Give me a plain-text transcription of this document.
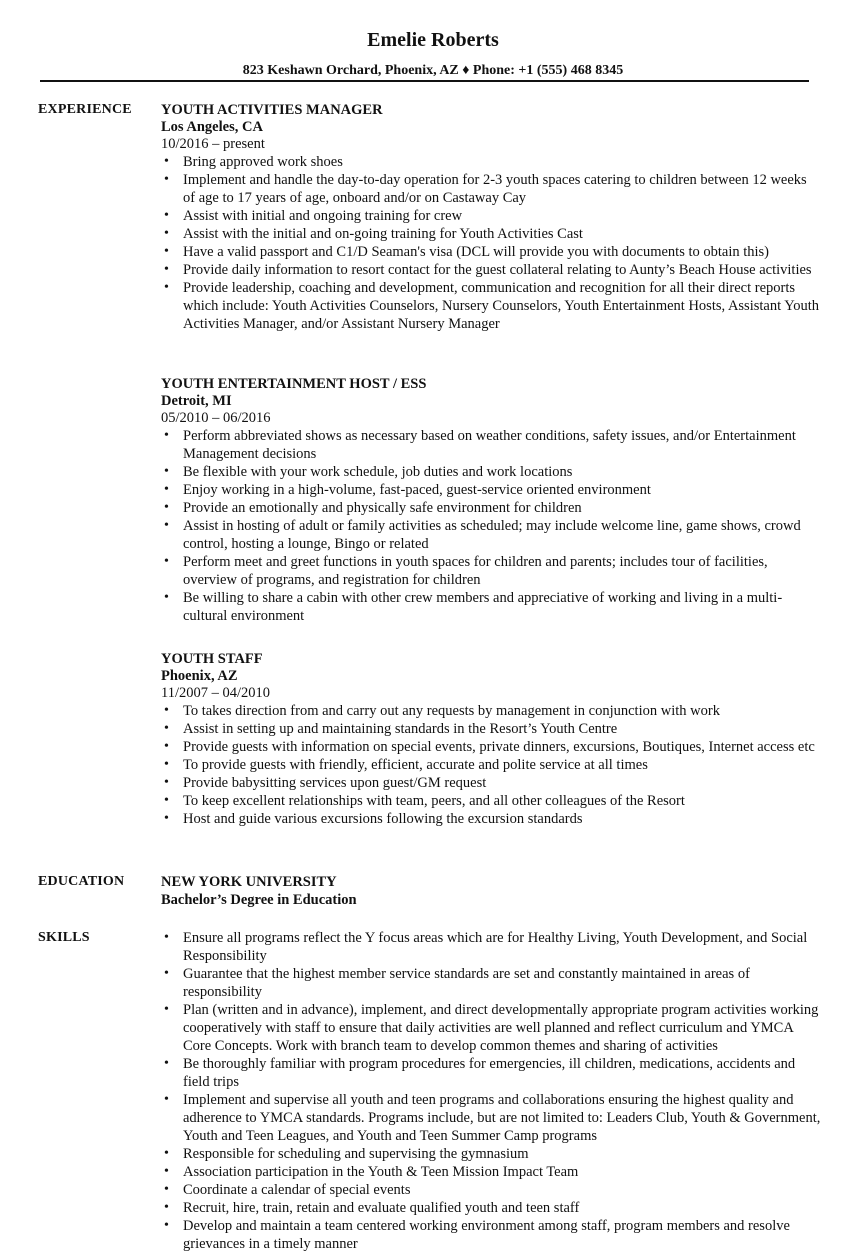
Emelie Roberts
823 Keshawn Orchard, Phoenix, AZ ♦ Phone: +1 (555) 468 8345
EXPERIENCE YOUTH ACTIVITIES MANAGER
Los Angeles, CA
10/2016 – present
• Bring approved work shoes
• Implement and handle the day-to-day operation for 2-3 youth spaces catering to children between 12 weeks of age to 17 years of age, onboard and/or on Castaway Cay
• Assist with initial and ongoing training for crew
• Assist with the initial and on-going training for Youth Activities Cast
• Have a valid passport and C1/D Seaman's visa (DCL will provide you with documents to obtain this)
• Provide daily information to resort contact for the guest collateral relating to Aunty’s Beach House activities
• Provide leadership, coaching and development, communication and recognition for all their direct reports which include: Youth Activities Counselors, Nursery Counselors, Youth Entertainment Hosts, Assistant Youth Activities Manager, and/or Assistant Nursery Manager
YOUTH ENTERTAINMENT HOST / ESS
Detroit, MI
05/2010 – 06/2016
• Perform abbreviated shows as necessary based on weather conditions, safety issues, and/or Entertainment Management decisions
• Be flexible with your work schedule, job duties and work locations
• Enjoy working in a high-volume, fast-paced, guest-service oriented environment
• Provide an emotionally and physically safe environment for children
• Assist in hosting of adult or family activities as scheduled; may include welcome line, game shows, crowd control, hosting a lounge, Bingo or related
• Perform meet and greet functions in youth spaces for children and parents; includes tour of facilities, overview of programs, and registration for children
• Be willing to share a cabin with other crew members and appreciative of working and living in a multi-cultural environment
YOUTH STAFF
Phoenix, AZ
11/2007 – 04/2010
• To takes direction from and carry out any requests by management in conjunction with work
• Assist in setting up and maintaining standards in the Resort’s Youth Centre
• Provide guests with information on special events, private dinners, excursions, Boutiques, Internet access etc
• To provide guests with friendly, efficient, accurate and polite service at all times
• Provide babysitting services upon guest/GM request
• To keep excellent relationships with team, peers, and all other colleagues of the Resort
• Host and guide various excursions following the excursion standards
EDUCATION	NEW YORK UNIVERSITY
Bachelor’s Degree in Education
SKILLS
•	Ensure all programs reflect the Y focus areas which are for Healthy Living, Youth Development, and Social Responsibility
• Guarantee that the highest member service standards are set and constantly maintained in areas of responsibility
• Plan (written and in advance), implement, and direct developmentally appropriate program activities working cooperatively with staff to ensure that daily activities are well planned and reflect curriculum and YMCA Core Concepts. Work with branch team to develop common themes and sharing of activities
• Be thoroughly familiar with program procedures for emergencies, ill children, medications, accidents and field trips
• Implement and supervise all youth and teen programs and collaborations ensuring the highest quality and adherence to YMCA standards. Programs include, but are not limited to: Leaders Club, Youth & Government, Youth and Teen Leagues, and Youth and Teen Summer Camp programs
• Responsible for scheduling and supervising the gymnasium
• Association participation in the Youth & Teen Mission Impact Team
• Coordinate a calendar of special events
• Recruit, hire, train, retain and evaluate qualified youth and teen staff
• Develop and maintain a team centered working environment among staff, program members and resolve grievances in a timely manner
